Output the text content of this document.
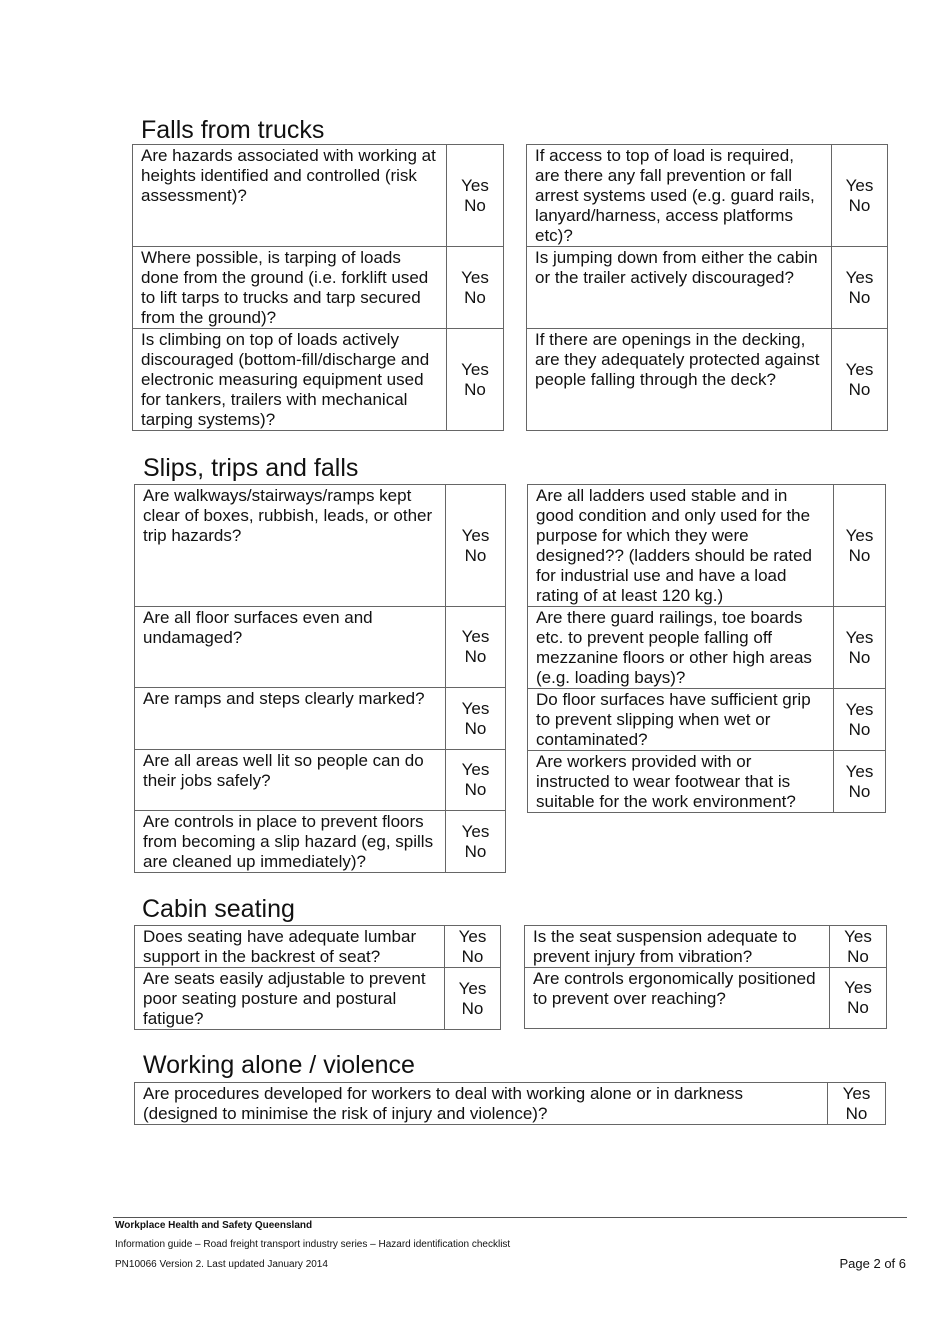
Falls from trucks
Slips, trips and falls
Cabin seating
Working alone / violence
Are hazards associated with working at heights identified and controlled (risk assessment)?	Yes
No

Where possible, is tarping of loads done from the ground (i.e. forklift used to lift tarps to trucks and tarp secured from the ground)?	Yes
No

Is climbing on top of loads actively discouraged (bottom-fill/discharge and electronic measuring equipment used for tankers, trailers with mechanical tarping systems)?	Yes
No
If access to top of load is required, are there any fall prevention or fall arrest systems used (e.g. guard rails, lanyard/harness, access platforms etc)?	Yes
No

Is jumping down from either the cabin or the trailer actively discouraged?	Yes
No

If there are openings in the decking, are they adequately protected against people falling through the deck?	Yes
No
Are walkways/stairways/ramps kept clear of boxes, rubbish, leads, or other trip hazards?	Yes
No

Are all floor surfaces even and undamaged?	Yes
No

Are ramps and steps clearly marked?	Yes
No

Are all areas well lit so people can do their jobs safely?	Yes
No

Are controls in place to prevent floors from becoming a slip hazard (eg, spills are cleaned up immediately)?	Yes
No
Are all ladders used stable and in good condition and only used for the purpose for which they were designed?? (ladders should be rated for industrial use and have a load rating of at least 120 kg.)	Yes
No

Are there guard railings, toe boards etc. to prevent people falling off mezzanine floors or other high areas (e.g. loading bays)?	Yes
No

Do floor surfaces have sufficient grip to prevent slipping when wet or contaminated?	Yes
No

Are workers provided with or instructed to wear footwear that is suitable for the work environment?	Yes
No
Does seating have adequate lumbar support in the backrest of seat?	Yes
No

Are seats easily adjustable to prevent poor seating posture and postural fatigue?	Yes
No
Is the seat suspension adequate to prevent injury from vibration?	Yes
No

Are controls ergonomically positioned to prevent over reaching?	Yes
No
Are procedures developed for workers to deal with working alone or in darkness (designed to minimise the risk of injury and violence)?	
Yes
No
Workplace Health and Safety Queensland
Information guide – Road freight transport industry series – Hazard identification checklist
PN10066 Version 2. Last updated January 2014	Page 2 of 6
